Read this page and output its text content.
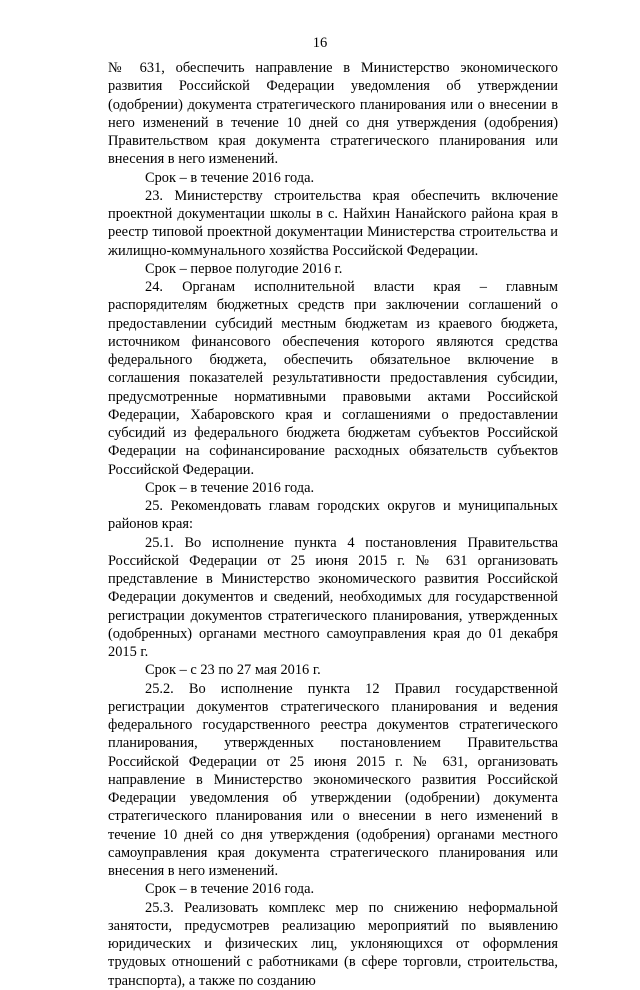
16

№ 631, обеспечить направление в Министерство экономического развития Российской Федерации уведомления об утверждении (одобрении) документа стратегического планирования или о внесении в него изменений в течение 10 дней со дня утверждения (одобрения) Правительством края документа стратегического планирования или внесения в него изменений.

Срок – в течение 2016 года.

23. Министерству строительства края обеспечить включение проектной документации школы в с. Найхин Нанайского района края в реестр типовой проектной документации Министерства строительства и жилищно-коммунального хозяйства Российской Федерации.

Срок – первое полугодие 2016 г.

24. Органам исполнительной власти края – главным распорядителям бюджетных средств при заключении соглашений о предоставлении субсидий местным бюджетам из краевого бюджета, источником финансового обеспечения которого являются средства федерального бюджета, обеспечить обязательное включение в соглашения показателей результативности предоставления субсидии, предусмотренные нормативными правовыми актами Российской Федерации, Хабаровского края и соглашениями о предоставлении субсидий из федерального бюджета бюджетам субъектов Российской Федерации на софинансирование расходных обязательств субъектов Российской Федерации.

Срок – в течение 2016 года.

25. Рекомендовать главам городских округов и муниципальных районов края:

25.1. Во исполнение пункта 4 постановления Правительства Российской Федерации от 25 июня 2015 г. № 631 организовать представление в Министерство экономического развития Российской Федерации документов и сведений, необходимых для государственной регистрации документов стратегического планирования, утвержденных (одобренных) органами местного самоуправления края до 01 декабря 2015 г.

Срок – с 23 по 27 мая 2016 г.

25.2. Во исполнение пункта 12 Правил государственной регистрации документов стратегического планирования и ведения федерального государственного реестра документов стратегического планирования, утвержденных постановлением Правительства Российской Федерации от 25 июня 2015 г. № 631, организовать направление в Министерство экономического развития Российской Федерации уведомления об утверждении (одобрении) документа стратегического планирования или о внесении в него изменений в течение 10 дней со дня утверждения (одобрения) органами местного самоуправления края документа стратегического планирования или внесения в него изменений.

Срок – в течение 2016 года.

25.3. Реализовать комплекс мер по снижению неформальной занятости, предусмотрев реализацию мероприятий по выявлению юридических и физических лиц, уклоняющихся от оформления трудовых отношений с работниками (в сфере торговли, строительства, транспорта), а также по созданию
